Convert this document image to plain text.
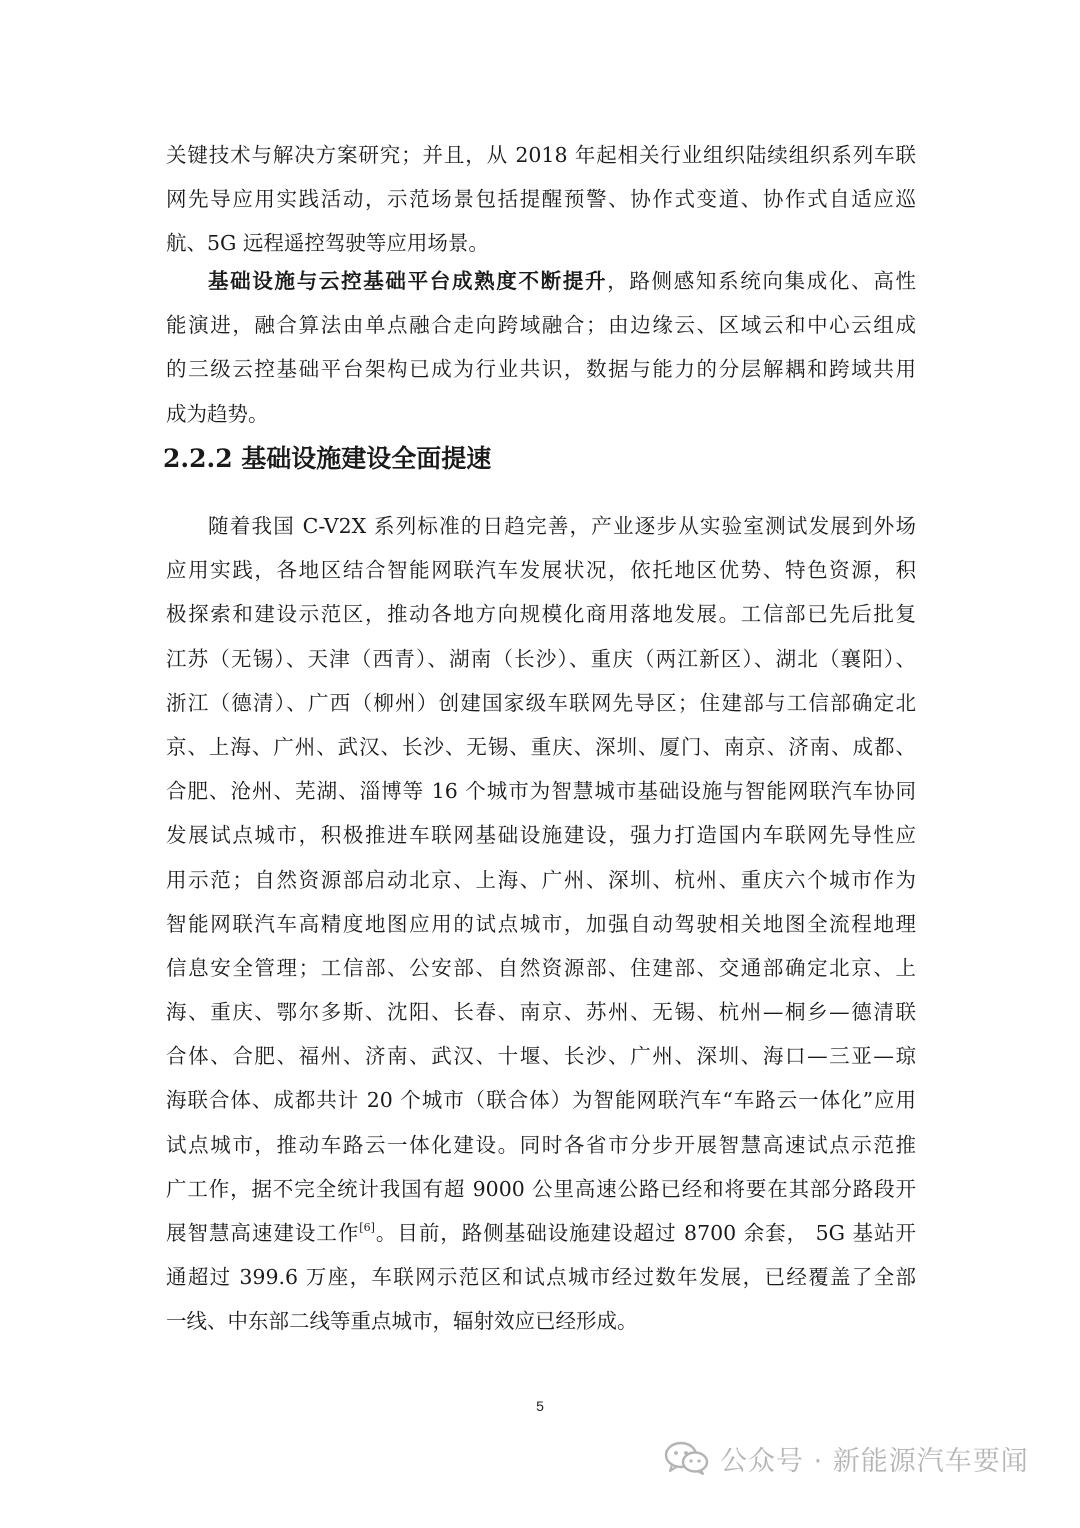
关键技术与解决方案研究；并且，从 2018 年起相关行业组织陆续组织系列车联
网先导应用实践活动，示范场景包括提醒预警、协作式变道、协作式自适应巡
航、5G 远程遥控驾驶等应用场景。
基础设施与云控基础平台成熟度不断提升，路侧感知系统向集成化、高性
能演进，融合算法由单点融合走向跨域融合；由边缘云、区域云和中心云组成
的三级云控基础平台架构已成为行业共识，数据与能力的分层解耦和跨域共用
成为趋势。
2.2.2 基础设施建设全面提速
随着我国 C-V2X 系列标准的日趋完善，产业逐步从实验室测试发展到外场
应用实践，各地区结合智能网联汽车发展状况，依托地区优势、特色资源，积
极探索和建设示范区，推动各地方向规模化商用落地发展。工信部已先后批复
江苏（无锡）、天津（西青）、湖南（长沙）、重庆（两江新区）、湖北（襄阳）、
浙江（德清）、广西（柳州）创建国家级车联网先导区；住建部与工信部确定北
京、上海、广州、武汉、长沙、无锡、重庆、深圳、厦门、南京、济南、成都、
合肥、沧州、芜湖、淄博等 16 个城市为智慧城市基础设施与智能网联汽车协同
发展试点城市，积极推进车联网基础设施建设，强力打造国内车联网先导性应
用示范；自然资源部启动北京、上海、广州、深圳、杭州、重庆六个城市作为
智能网联汽车高精度地图应用的试点城市，加强自动驾驶相关地图全流程地理
信息安全管理；工信部、公安部、自然资源部、住建部、交通部确定北京、上
海、重庆、鄂尔多斯、沈阳、长春、南京、苏州、无锡、杭州—桐乡—德清联
合体、合肥、福州、济南、武汉、十堰、长沙、广州、深圳、海口—三亚—琼
海联合体、成都共计 20 个城市（联合体）为智能网联汽车“车路云一体化”应用
试点城市，推动车路云一体化建设。同时各省市分步开展智慧高速试点示范推
广工作，据不完全统计我国有超 9000 公里高速公路已经和将要在其部分路段开
展智慧高速建设工作[6]。目前，路侧基础设施建设超过 8700 余套， 5G 基站开
通超过 399.6 万座，车联网示范区和试点城市经过数年发展，已经覆盖了全部
一线、中东部二线等重点城市，辐射效应已经形成。
5
公众号 · 新能源汽车要闻
